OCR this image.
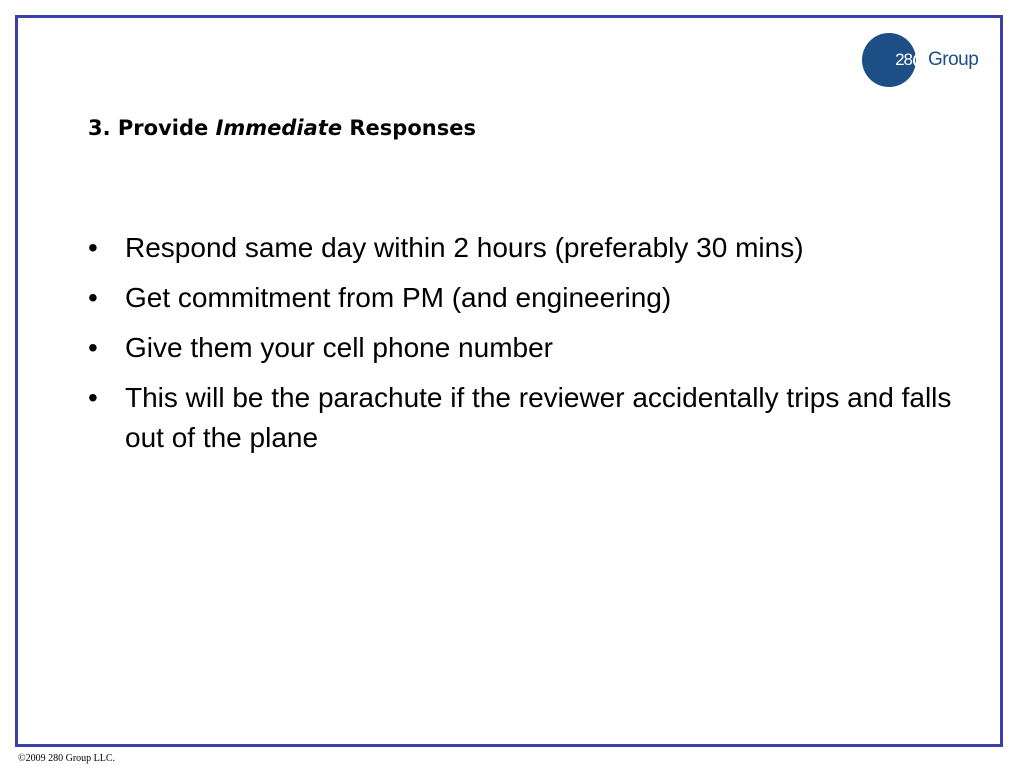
28 Group
3. Provide Immediate Responses
• Respond same day within 2 hours (preferably 30 mins)
• Get commitment from PM (and engineering)
• Give them your cell phone number
• This will be the parachute if the reviewer accidentally trips and falls out of the plane
©2009 280 Group LLC.
